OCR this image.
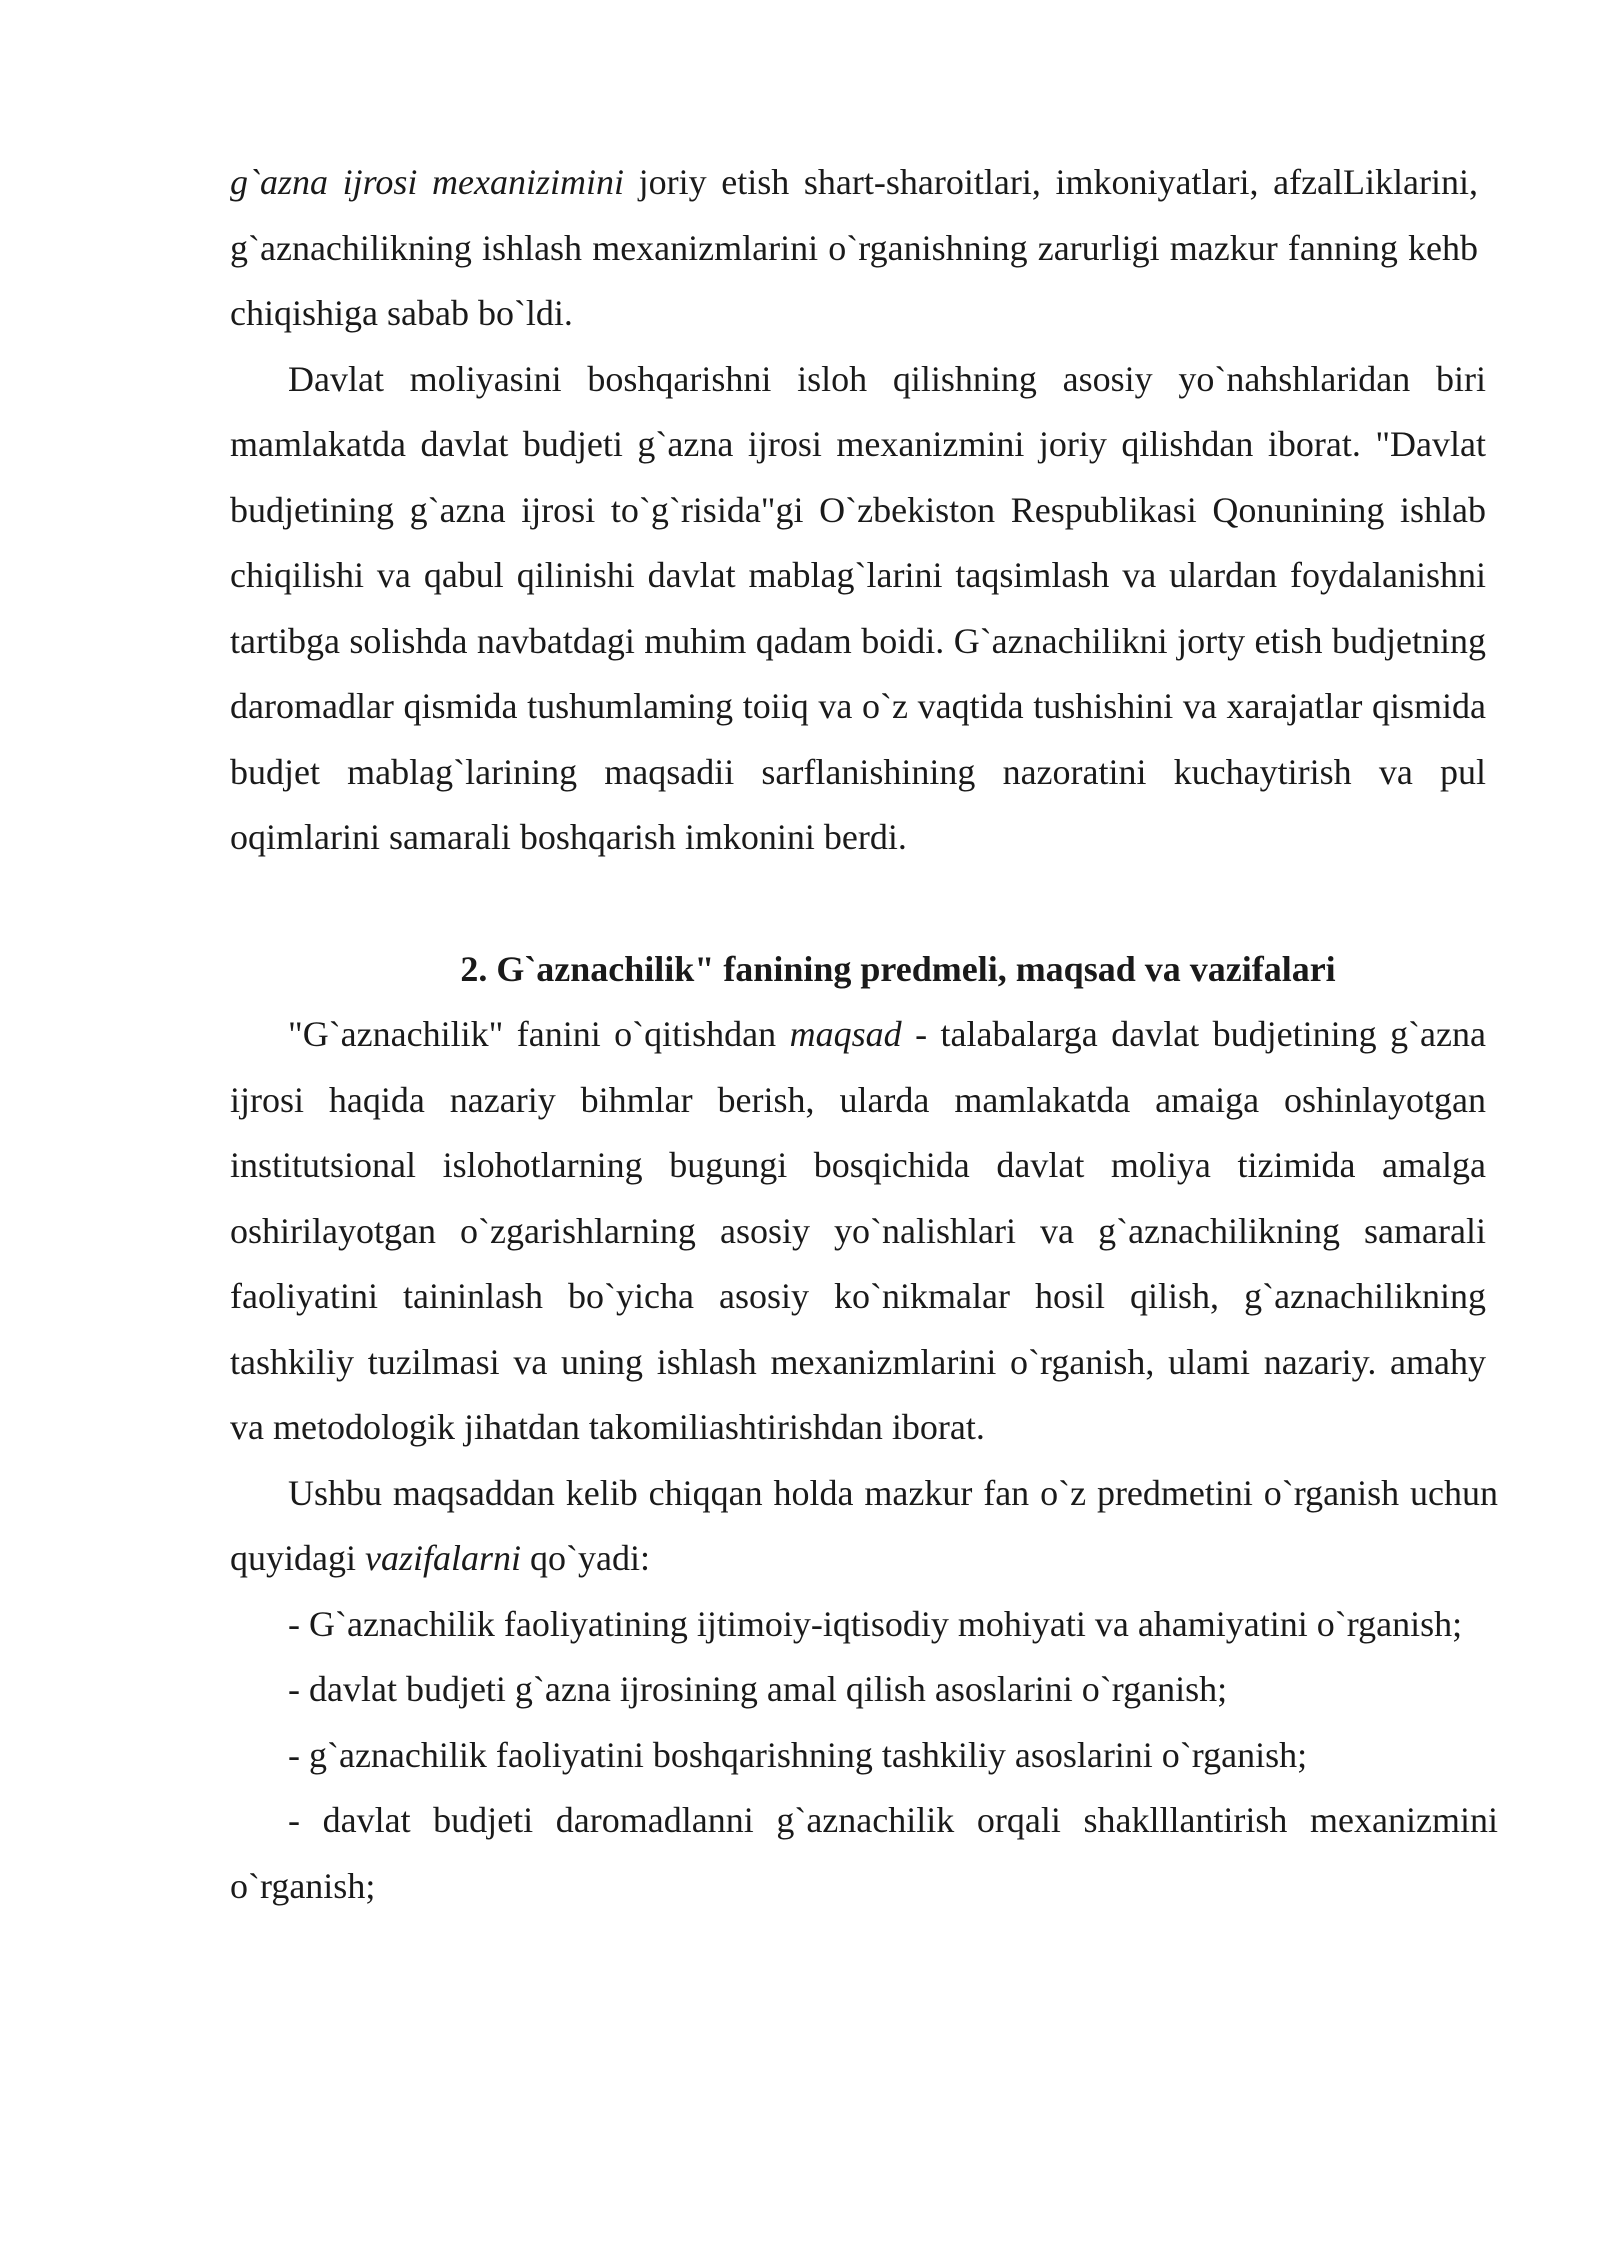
g`azna ijrosi mexanizimini joriy etish shart-sharoitlari, imkoniyatlari, afzalLiklarini, g`aznachilikning ishlash mexanizmlarini o`rganishning zarurligi mazkur fanning kehb chiqishiga sabab bo`ldi.

Davlat moliyasini boshqarishni isloh qilishning asosiy yo`nahshlaridan biri mamlakatda davlat budjeti g`azna ijrosi mexanizmini joriy qilishdan iborat. "Davlat budjetining g`azna ijrosi to`g`risida"gi O`zbekiston Respublikasi Qonunining ishlab chiqilishi va qabul qilinishi davlat mablag`larini taqsimlash va ulardan foydalanishni tartibga solishda navbatdagi muhim qadam boidi. G`aznachilikni jorty etish budjetning daromadlar qismida tushumlaming toiiq va o`z vaqtida tushishini va xarajatlar qismida budjet mablag`larining maqsadii sarflanishining nazoratini kuchaytirish va pul oqimlarini samarali boshqarish imkonini berdi.

2. G`aznachilik" fanining predmeli, maqsad va vazifalari

"G`aznachilik" fanini o`qitishdan maqsad - talabalarga davlat budjetining g`azna ijrosi haqida nazariy bihmlar berish, ularda mamlakatda amaiga oshinlayotgan institutsional islohotlarning bugungi bosqichida davlat moliya tizimida amalga oshirilayotgan o`zgarishlarning asosiy yo`nalishlari va g`aznachilikning samarali faoliyatini taininlash bo`yicha asosiy ko`nikmalar hosil qilish, g`aznachilikning tashkiliy tuzilmasi va uning ishlash mexanizmlarini o`rganish, ulami nazariy. amahy va metodologik jihatdan takomiliashtirishdan iborat.

Ushbu maqsaddan kelib chiqqan holda mazkur fan o`z predmetini o`rganish uchun quyidagi vazifalarni qo`yadi:

- G`aznachilik faoliyatining ijtimoiy-iqtisodiy mohiyati va ahamiyatini o`rganish;

- davlat budjeti g`azna ijrosining amal qilish asoslarini o`rganish;

- g`aznachilik faoliyatini boshqarishning tashkiliy asoslarini o`rganish;

- davlat budjeti daromadlanni g`aznachilik orqali shaklllantirish mexanizmini o`rganish;
